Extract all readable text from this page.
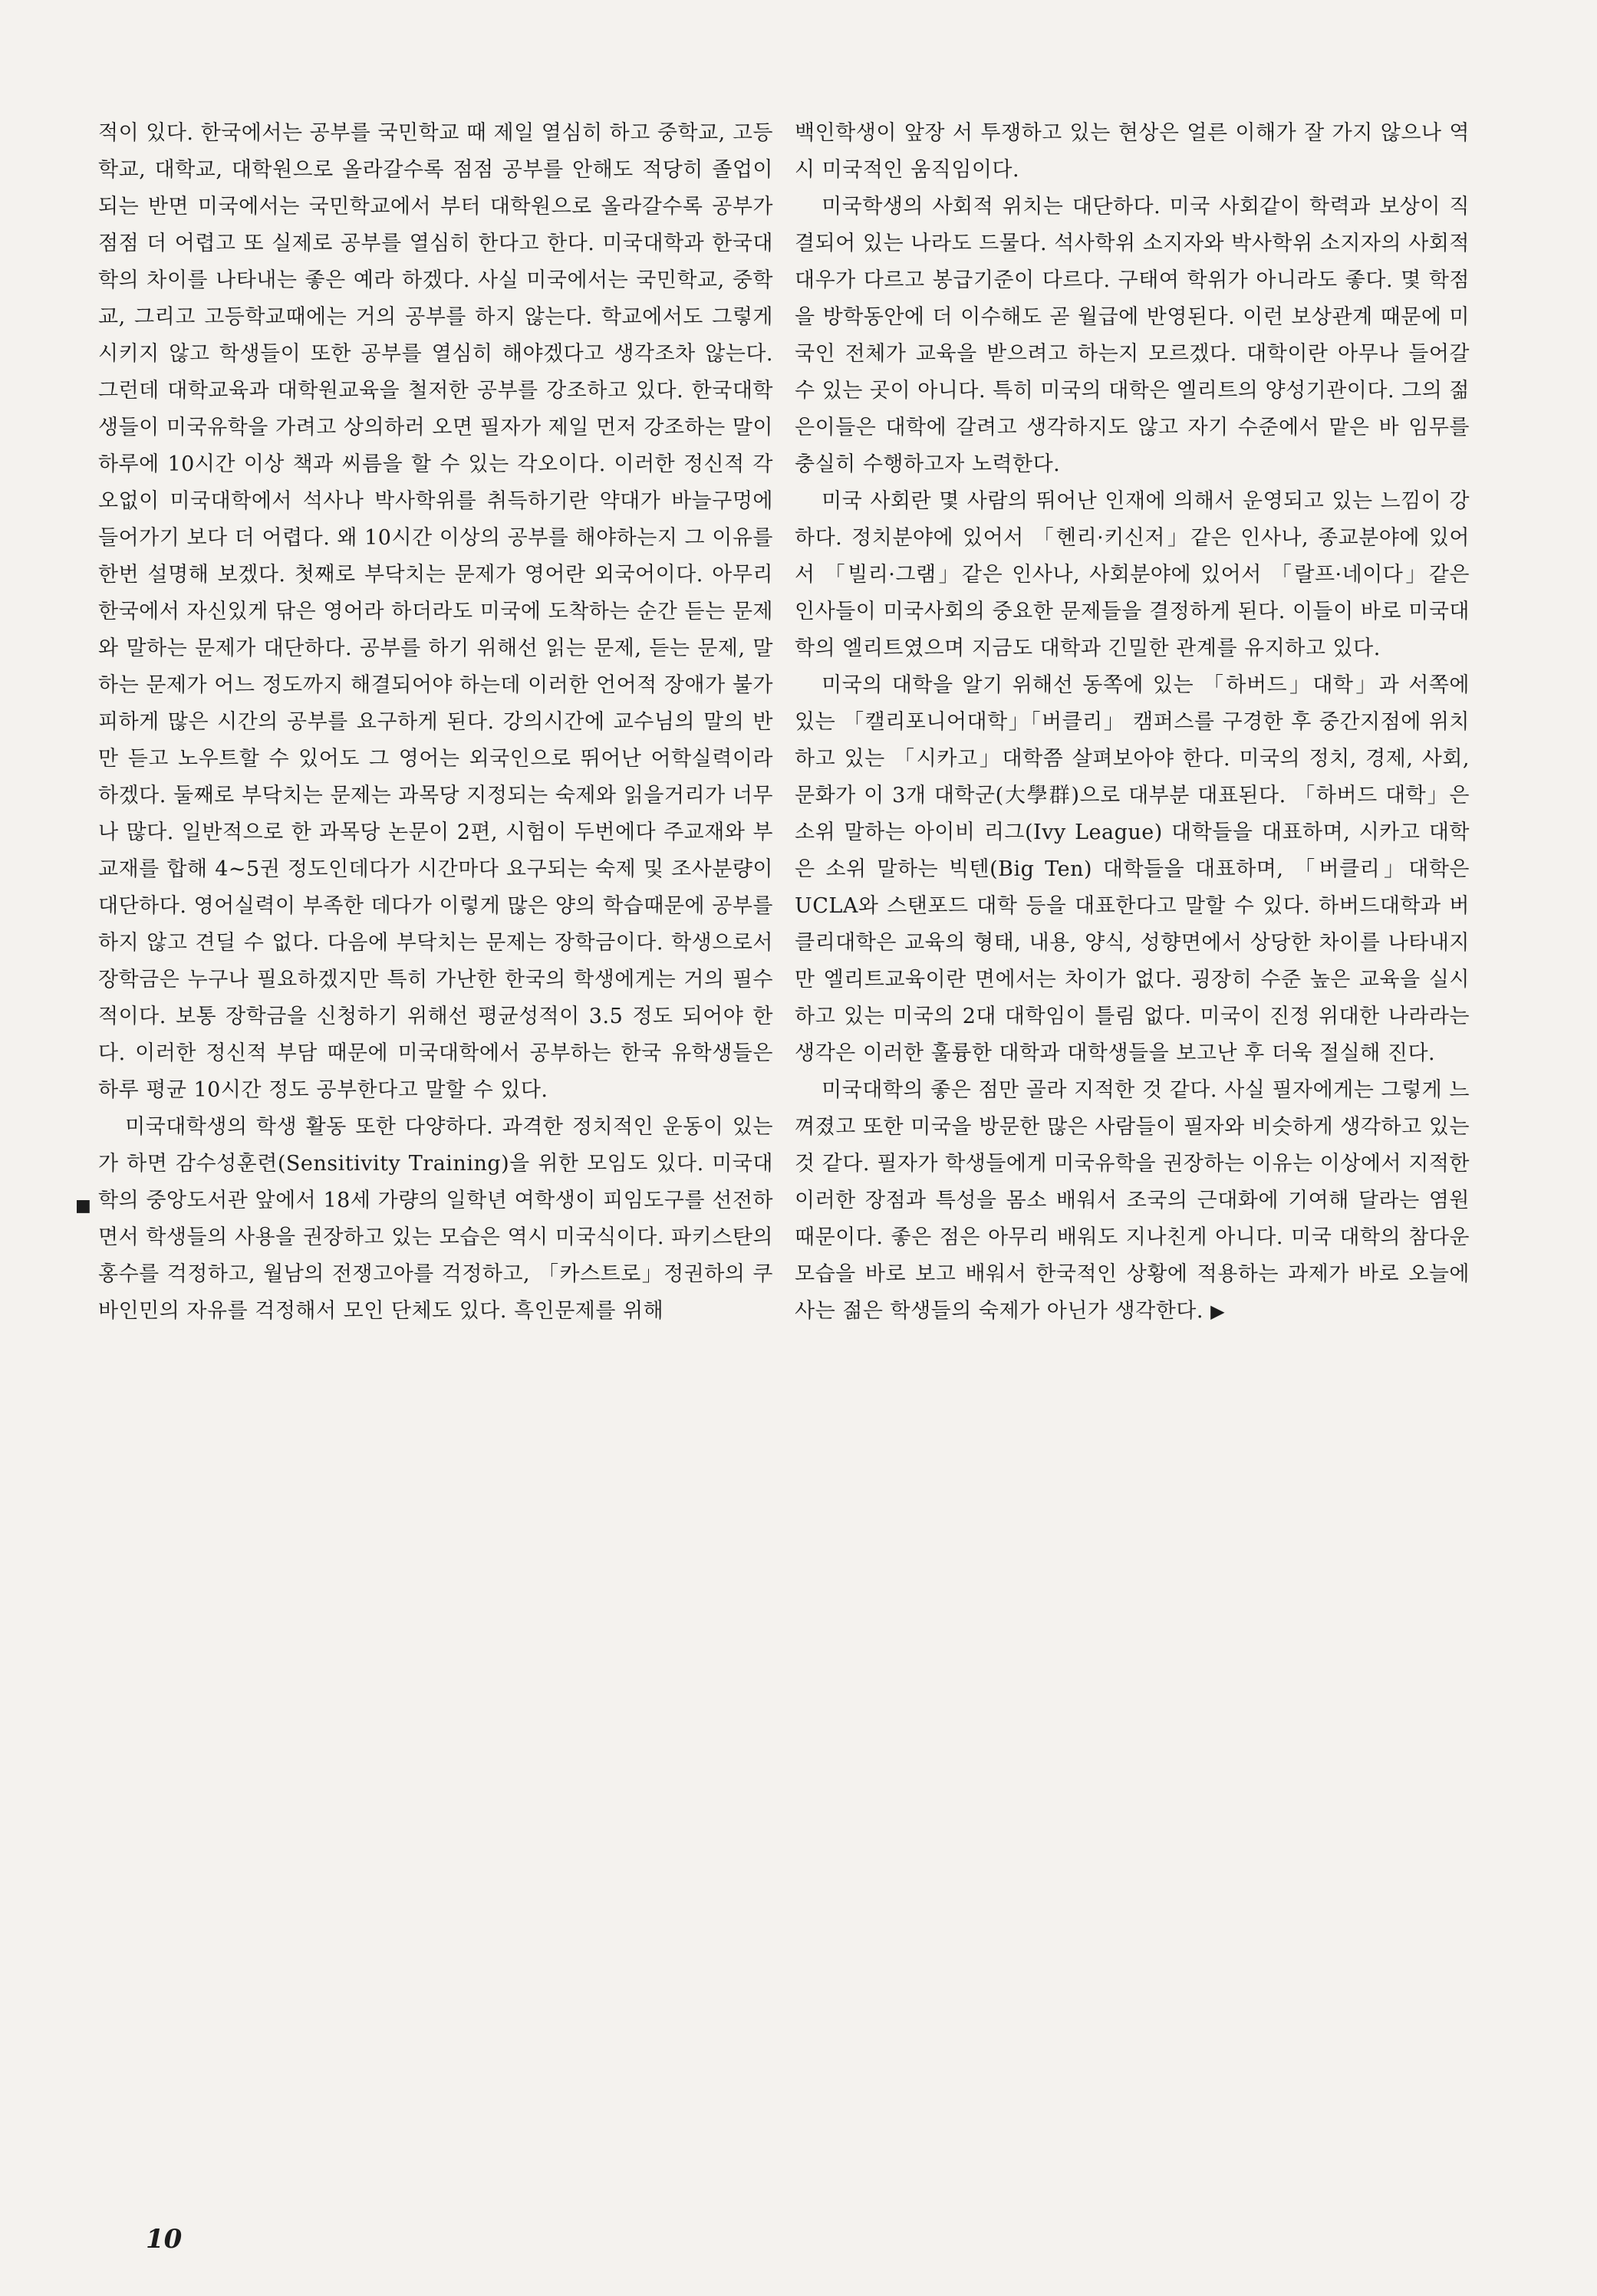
■

적이 있다. 한국에서는 공부를 국민학교 때 제일 열심히 하고 중학교, 고등학교, 대학교, 대학원으로 올라갈수록 점점 공부를 안해도 적당히 졸업이 되는 반면 미국에서는 국민학교에서 부터 대학원으로 올라갈수록 공부가 점점 더 어렵고 또 실제로 공부를 열심히 한다고 한다. 미국대학과 한국대학의 차이를 나타내는 좋은 예라 하겠다. 사실 미국에서는 국민학교, 중학교, 그리고 고등학교때에는 거의 공부를 하지 않는다. 학교에서도 그렇게 시키지 않고 학생들이 또한 공부를 열심히 해야겠다고 생각조차 않는다. 그런데 대학교육과 대학원교육을 철저한 공부를 강조하고 있다. 한국대학생들이 미국유학을 가려고 상의하러 오면 필자가 제일 먼저 강조하는 말이 하루에 10시간 이상 책과 씨름을 할 수 있는 각오이다. 이러한 정신적 각오없이 미국대학에서 석사나 박사학위를 취득하기란 약대가 바늘구멍에 들어가기 보다 더 어렵다. 왜 10시간 이상의 공부를 해야하는지 그 이유를 한번 설명해 보겠다. 첫째로 부닥치는 문제가 영어란 외국어이다. 아무리 한국에서 자신있게 닦은 영어라 하더라도 미국에 도착하는 순간 듣는 문제와 말하는 문제가 대단하다. 공부를 하기 위해선 읽는 문제, 듣는 문제, 말하는 문제가 어느 정도까지 해결되어야 하는데 이러한 언어적 장애가 불가피하게 많은 시간의 공부를 요구하게 된다. 강의시간에 교수님의 말의 반만 듣고 노우트할 수 있어도 그 영어는 외국인으로 뛰어난 어학실력이라 하겠다. 둘째로 부닥치는 문제는 과목당 지정되는 숙제와 읽을거리가 너무나 많다. 일반적으로 한 과목당 논문이 2편, 시험이 두번에다 주교재와 부교재를 합해 4~5권 정도인데다가 시간마다 요구되는 숙제 및 조사분량이 대단하다. 영어실력이 부족한 데다가 이렇게 많은 양의 학습때문에 공부를 하지 않고 견딜 수 없다. 다음에 부닥치는 문제는 장학금이다. 학생으로서 장학금은 누구나 필요하겠지만 특히 가난한 한국의 학생에게는 거의 필수적이다. 보통 장학금을 신청하기 위해선 평균성적이 3.5 정도 되어야 한다. 이러한 정신적 부담 때문에 미국대학에서 공부하는 한국 유학생들은 하루 평균 10시간 정도 공부한다고 말할 수 있다.

미국대학생의 학생 활동 또한 다양하다. 과격한 정치적인 운동이 있는가 하면 감수성훈련(Sensitivity Training)을 위한 모임도 있다. 미국대학의 중앙도서관 앞에서 18세 가량의 일학년 여학생이 피임도구를 선전하면서 학생들의 사용을 권장하고 있는 모습은 역시 미국식이다. 파키스탄의 홍수를 걱정하고, 월남의 전쟁고아를 걱정하고, 「카스트로」정권하의 쿠바인민의 자유를 걱정해서 모인 단체도 있다. 흑인문제를 위해

백인학생이 앞장 서 투쟁하고 있는 현상은 얼른 이해가 잘 가지 않으나 역시 미국적인 움직임이다.

미국학생의 사회적 위치는 대단하다. 미국 사회같이 학력과 보상이 직결되어 있는 나라도 드물다. 석사학위 소지자와 박사학위 소지자의 사회적 대우가 다르고 봉급기준이 다르다. 구태여 학위가 아니라도 좋다. 몇 학점을 방학동안에 더 이수해도 곧 월급에 반영된다. 이런 보상관계 때문에 미국인 전체가 교육을 받으려고 하는지 모르겠다. 대학이란 아무나 들어갈 수 있는 곳이 아니다. 특히 미국의 대학은 엘리트의 양성기관이다. 그의 젊은이들은 대학에 갈려고 생각하지도 않고 자기 수준에서 맡은 바 임무를 충실히 수행하고자 노력한다.

미국 사회란 몇 사람의 뛰어난 인재에 의해서 운영되고 있는 느낌이 강하다. 정치분야에 있어서 「헨리·키신저」같은 인사나, 종교분야에 있어서 「빌리·그램」같은 인사나, 사회분야에 있어서 「랄프·네이다」같은 인사들이 미국사회의 중요한 문제들을 결정하게 된다. 이들이 바로 미국대학의 엘리트였으며 지금도 대학과 긴밀한 관계를 유지하고 있다.

미국의 대학을 알기 위해선 동쪽에 있는 「하버드」대학」과 서쪽에 있는 「캘리포니어대학」「버클리」 캠퍼스를 구경한 후 중간지점에 위치하고 있는 「시카고」대학쯤 살펴보아야 한다. 미국의 정치, 경제, 사회, 문화가 이 3개 대학군(大學群)으로 대부분 대표된다. 「하버드 대학」은 소위 말하는 아이비 리그(Ivy League) 대학들을 대표하며, 시카고 대학은 소위 말하는 빅텐(Big Ten) 대학들을 대표하며, 「버클리」대학은 UCLA와 스탠포드 대학 등을 대표한다고 말할 수 있다. 하버드대학과 버클리대학은 교육의 형태, 내용, 양식, 성향면에서 상당한 차이를 나타내지만 엘리트교육이란 면에서는 차이가 없다. 굉장히 수준 높은 교육을 실시하고 있는 미국의 2대 대학임이 틀림 없다. 미국이 진정 위대한 나라라는 생각은 이러한 훌륭한 대학과 대학생들을 보고난 후 더욱 절실해 진다.

미국대학의 좋은 점만 골라 지적한 것 같다. 사실 필자에게는 그렇게 느껴졌고 또한 미국을 방문한 많은 사람들이 필자와 비슷하게 생각하고 있는 것 같다. 필자가 학생들에게 미국유학을 권장하는 이유는 이상에서 지적한 이러한 장점과 특성을 몸소 배워서 조국의 근대화에 기여해 달라는 염원 때문이다. 좋은 점은 아무리 배워도 지나친게 아니다. 미국 대학의 참다운 모습을 바로 보고 배워서 한국적인 상황에 적용하는 과제가 바로 오늘에 사는 젊은 학생들의 숙제가 아닌가 생각한다. ▶

10
